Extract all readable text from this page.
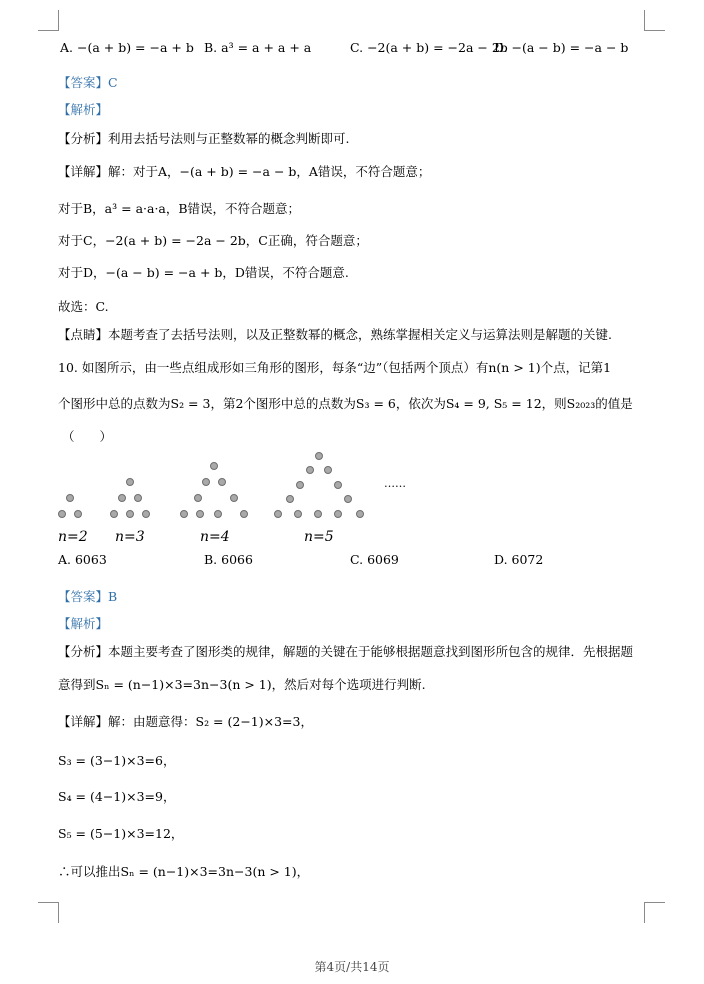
A. −(a + b) = −a + b B. a³ = a + a + a	C. −2(a + b) = −2a − 2b
D. −(a − b) = −a − b
【答案】C
【解析】
【分析】利用去括号法则与正整数幂的概念判断即可.
【详解】解：对于A，−(a + b) = −a − b，A错误，不符合题意；
对于B，a³ = a·a·a，B错误，不符合题意；
对于C，−2(a + b) = −2a − 2b，C正确，符合题意；
对于D，−(a − b) = −a + b，D错误，不符合题意.
故选：C.
【点睛】本题考查了去括号法则，以及正整数幂的概念，熟练掌握相关定义与运算法则是解题的关键.
10. 如图所示，由一些点组成形如三角形的图形，每条“边”（包括两个顶点）有n(n > 1)个点，记第1
个图形中总的点数为S₂ = 3，第2个图形中总的点数为S₃ = 6，依次为S₄ = 9, S₅ = 12，则S₂₀₂₃的值是
（　　）
……
n=2 n=3	n=4	n=5
A. 6063	B. 6066	C. 6069	D. 6072
【答案】B
【解析】
【分析】本题主要考查了图形类的规律，解题的关键在于能够根据题意找到图形所包含的规律．先根据题
意得到Sₙ = (n−1)×3=3n−3(n > 1)，然后对每个选项进行判断.
【详解】解：由题意得：S₂ = (2−1)×3=3，
S₃ = (3−1)×3=6，
S₄ = (4−1)×3=9，
S₅ = (5−1)×3=12，
∴可以推出Sₙ = (n−1)×3=3n−3(n > 1)，
第4页/共14页
